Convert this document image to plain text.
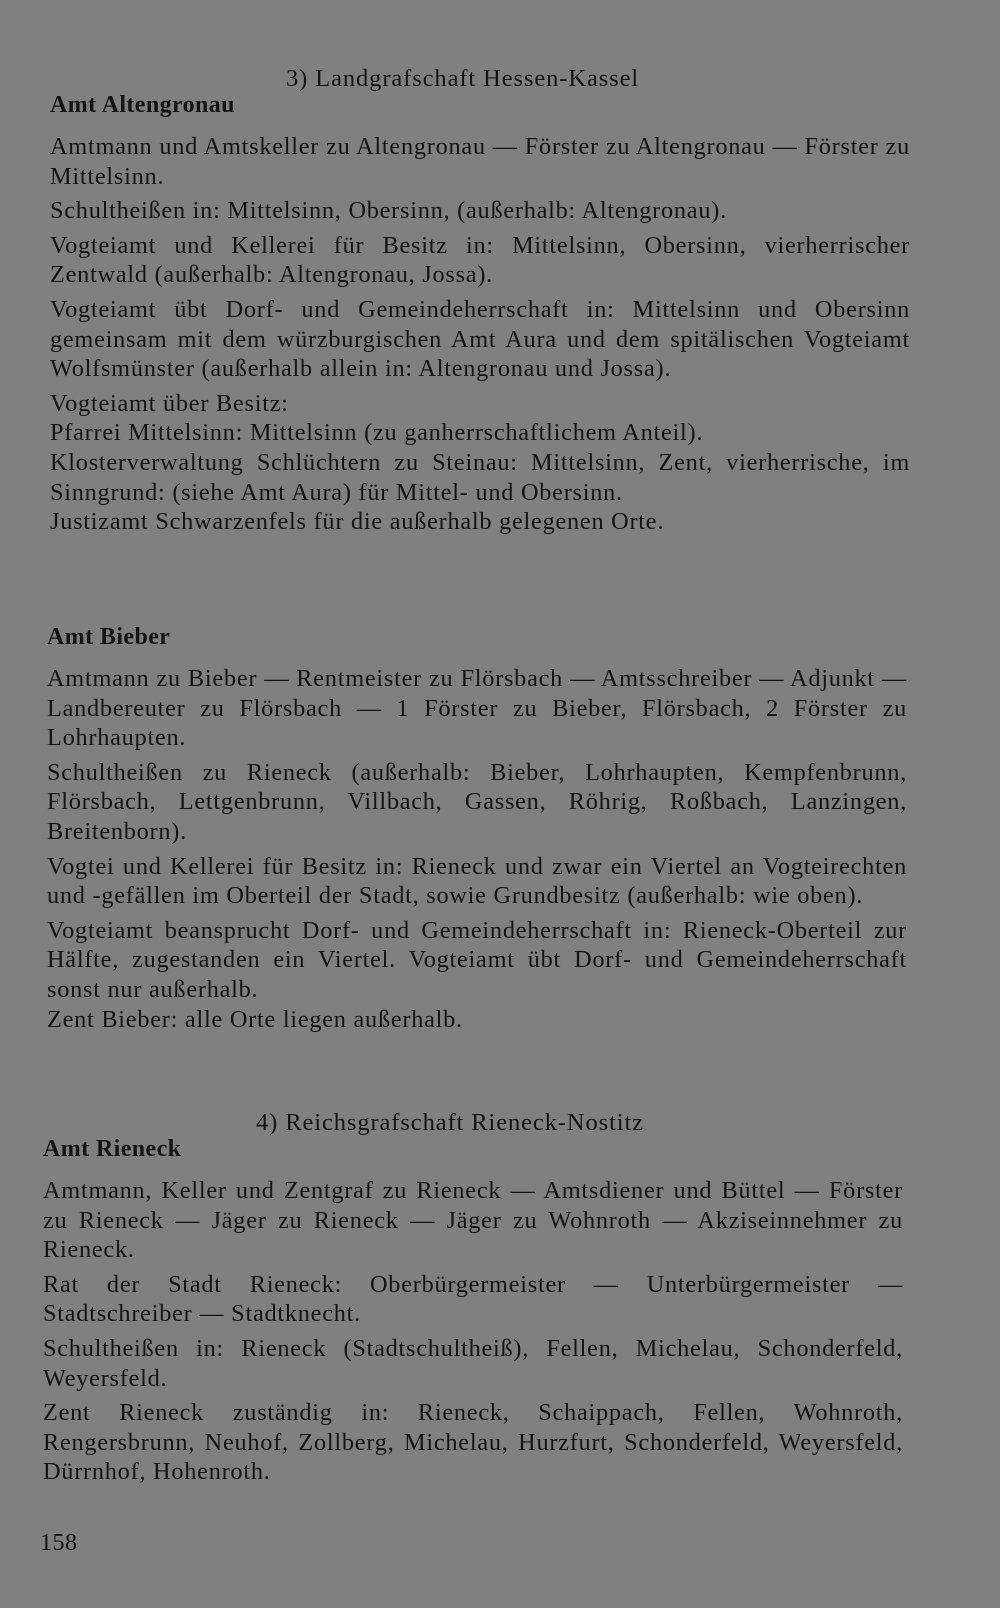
3) Landgrafschaft Hessen-Kassel
Amt Altengronau

Amtmann und Amtskeller zu Altengronau — Förster zu Altengronau — Förster zu Mittelsinn.

Schultheißen in: Mittelsinn, Obersinn, (außerhalb: Altengronau).

Vogteiamt und Kellerei für Besitz in: Mittelsinn, Obersinn, vierherrischer Zentwald (außerhalb: Altengronau, Jossa).

Vogteiamt übt Dorf- und Gemeindeherrschaft in: Mittelsinn und Obersinn gemeinsam mit dem würzburgischen Amt Aura und dem spitälischen Vogteiamt Wolfsmünster (außerhalb allein in: Altengronau und Jossa).

Vogteiamt über Besitz:

Pfarrei Mittelsinn: Mittelsinn (zu ganherrschaftlichem Anteil).

Klosterverwaltung Schlüchtern zu Steinau: Mittelsinn, Zent, vierherrische, im Sinngrund: (siehe Amt Aura) für Mittel- und Obersinn.

Justizamt Schwarzenfels für die außerhalb gelegenen Orte.

Amt Bieber

Amtmann zu Bieber — Rentmeister zu Flörsbach — Amtsschreiber — Adjunkt — Landbereuter zu Flörsbach — 1 Förster zu Bieber, Flörsbach, 2 Förster zu Lohrhaupten.

Schultheißen zu Rieneck (außerhalb: Bieber, Lohrhaupten, Kempfenbrunn, Flörsbach, Lettgenbrunn, Villbach, Gassen, Röhrig, Roßbach, Lanzingen, Breitenborn).

Vogtei und Kellerei für Besitz in: Rieneck und zwar ein Viertel an Vogteirechten und -gefällen im Oberteil der Stadt, sowie Grundbesitz (außerhalb: wie oben).

Vogteiamt beansprucht Dorf- und Gemeindeherrschaft in: Rieneck-Oberteil zur Hälfte, zugestanden ein Viertel. Vogteiamt übt Dorf- und Gemeindeherrschaft sonst nur außerhalb.

Zent Bieber: alle Orte liegen außerhalb.

4) Reichsgrafschaft Rieneck-Nostitz
Amt Rieneck

Amtmann, Keller und Zentgraf zu Rieneck — Amtsdiener und Büttel — Förster zu Rieneck — Jäger zu Rieneck — Jäger zu Wohnroth — Akziseinnehmer zu Rieneck.

Rat der Stadt Rieneck: Oberbürgermeister — Unterbürgermeister — Stadtschreiber — Stadtknecht.

Schultheißen in: Rieneck (Stadtschultheiß), Fellen, Michelau, Schonderfeld, Weyersfeld.

Zent Rieneck zuständig in: Rieneck, Schaippach, Fellen, Wohnroth, Rengersbrunn, Neuhof, Zollberg, Michelau, Hurzfurt, Schonderfeld, Weyersfeld, Dürrnhof, Hohenroth.

158
